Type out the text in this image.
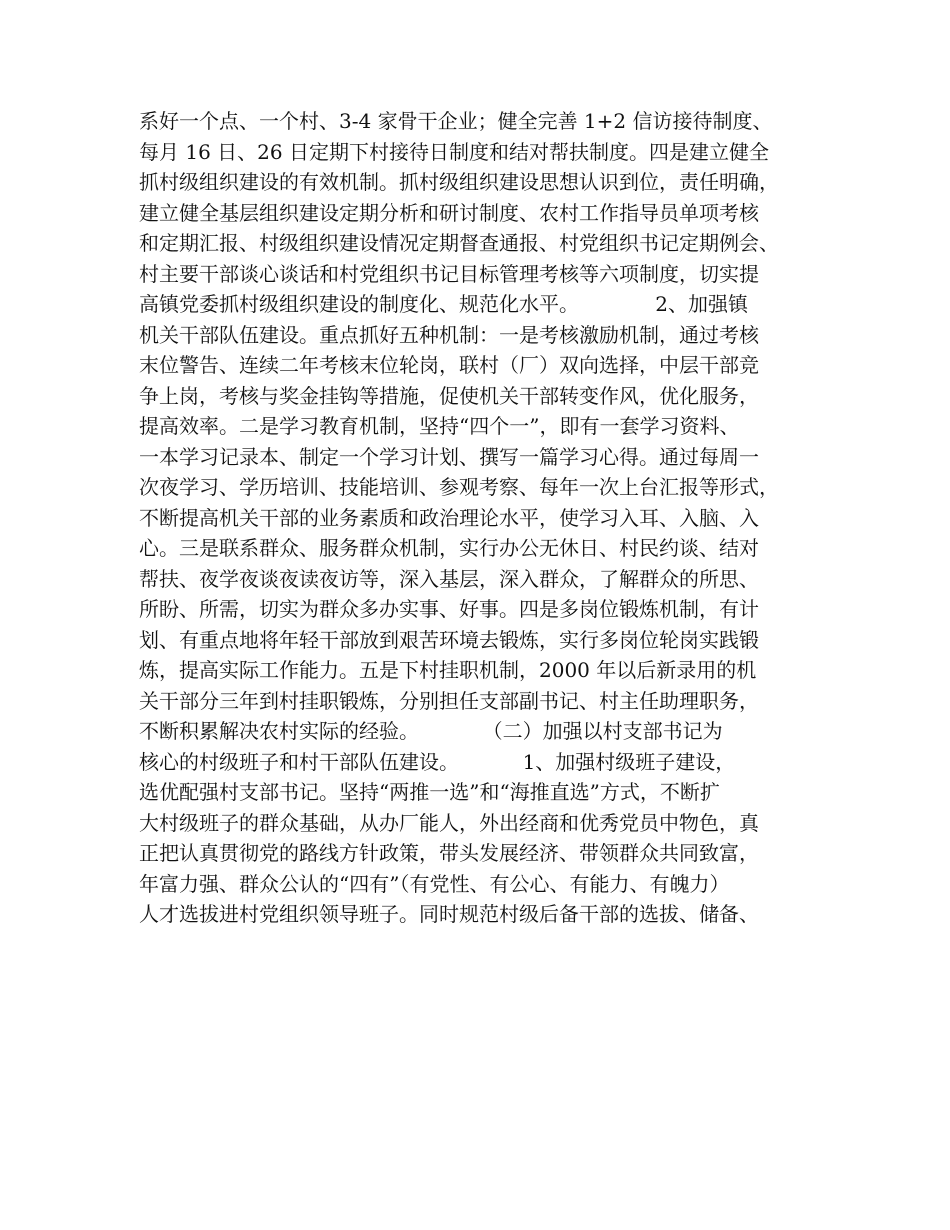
系好一个点、一个村、3-4 家骨干企业；健全完善 1+2 信访接待制度、
每月 16 日、26 日定期下村接待日制度和结对帮扶制度。四是建立健全
抓村级组织建设的有效机制。抓村级组织建设思想认识到位，责任明确，
建立健全基层组织建设定期分析和研讨制度、农村工作指导员单项考核
和定期汇报、村级组织建设情况定期督查通报、村党组织书记定期例会、
村主要干部谈心谈话和村党组织书记目标管理考核等六项制度，切实提
高镇党委抓村级组织建设的制度化、规范化水平。            2、加强镇
机关干部队伍建设。重点抓好五种机制：一是考核激励机制，通过考核
末位警告、连续二年考核末位轮岗，联村（厂）双向选择，中层干部竞
争上岗，考核与奖金挂钩等措施，促使机关干部转变作风，优化服务，
提高效率。二是学习教育机制，坚持“四个一”，即有一套学习资料、
一本学习记录本、制定一个学习计划、撰写一篇学习心得。通过每周一
次夜学习、学历培训、技能培训、参观考察、每年一次上台汇报等形式，
不断提高机关干部的业务素质和政治理论水平，使学习入耳、入脑、入
心。三是联系群众、服务群众机制，实行办公无休日、村民约谈、结对
帮扶、夜学夜谈夜读夜访等，深入基层，深入群众，了解群众的所思、
所盼、所需，切实为群众多办实事、好事。四是多岗位锻炼机制，有计
划、有重点地将年轻干部放到艰苦环境去锻炼，实行多岗位轮岗实践锻
炼，提高实际工作能力。五是下村挂职机制，2000 年以后新录用的机
关干部分三年到村挂职锻炼，分别担任支部副书记、村主任助理职务，
不断积累解决农村实际的经验。          （二）加强以村支部书记为
核心的村级班子和村干部队伍建设。          1、加强村级班子建设，
选优配强村支部书记。坚持“两推一选”和“海推直选”方式，不断扩
大村级班子的群众基础，从办厂能人，外出经商和优秀党员中物色，真
正把认真贯彻党的路线方针政策，带头发展经济、带领群众共同致富，
年富力强、群众公认的“四有”（有党性、有公心、有能力、有魄力）
人才选拔进村党组织领导班子。同时规范村级后备干部的选拔、储备、
